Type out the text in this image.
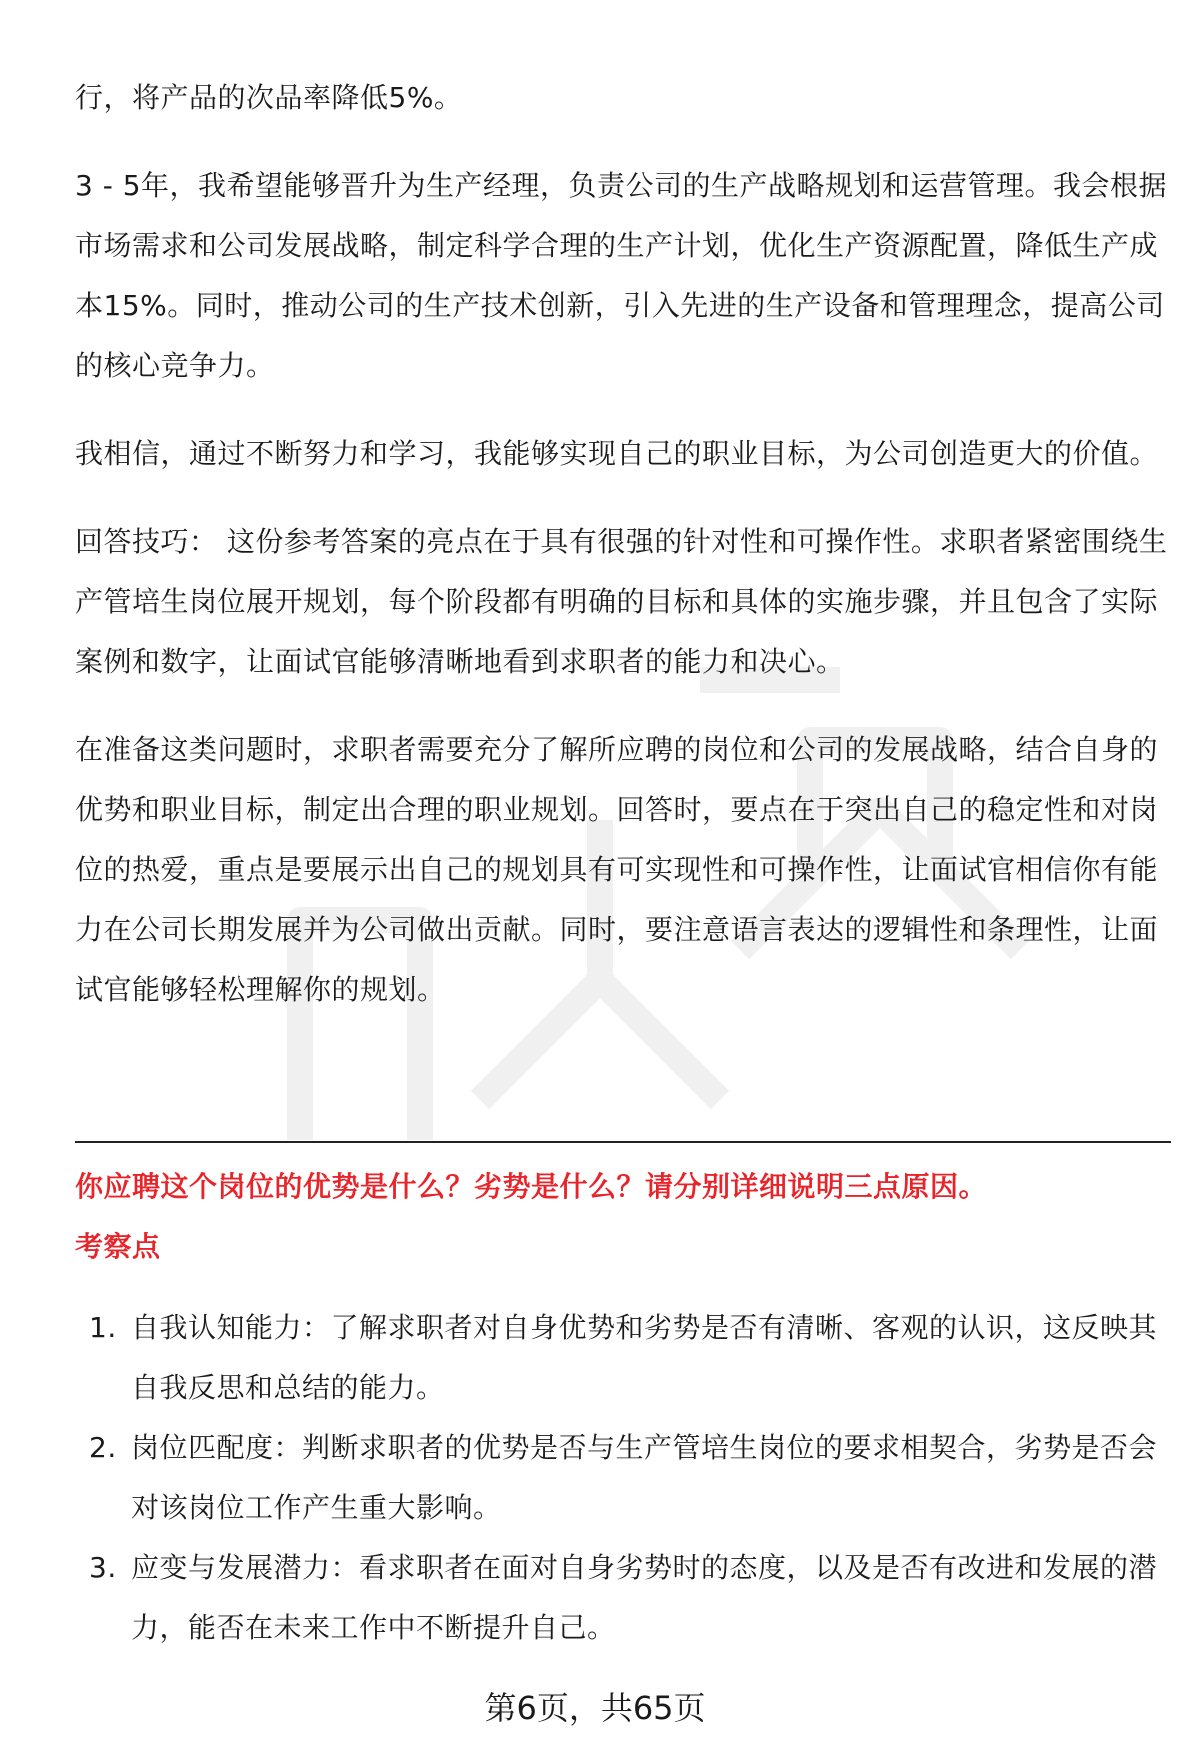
行，将产品的次品率降低5%。

3 - 5年，我希望能够晋升为生产经理，负责公司的生产战略规划和运营管理。我会根据市场需求和公司发展战略，制定科学合理的生产计划，优化生产资源配置，降低生产成本15%。同时，推动公司的生产技术创新，引入先进的生产设备和管理理念，提高公司的核心竞争力。

我相信，通过不断努力和学习，我能够实现自己的职业目标，为公司创造更大的价值。

回答技巧： 这份参考答案的亮点在于具有很强的针对性和可操作性。求职者紧密围绕生产管培生岗位展开规划，每个阶段都有明确的目标和具体的实施步骤，并且包含了实际案例和数字，让面试官能够清晰地看到求职者的能力和决心。

在准备这类问题时，求职者需要充分了解所应聘的岗位和公司的发展战略，结合自身的优势和职业目标，制定出合理的职业规划。回答时，要点在于突出自己的稳定性和对岗位的热爱，重点是要展示出自己的规划具有可实现性和可操作性，让面试官相信你有能力在公司长期发展并为公司做出贡献。同时，要注意语言表达的逻辑性和条理性，让面试官能够轻松理解你的规划。

你应聘这个岗位的优势是什么？劣势是什么？请分别详细说明三点原因。

考察点

1. 自我认知能力：了解求职者对自身优势和劣势是否有清晰、客观的认识，这反映其自我反思和总结的能力。
2. 岗位匹配度：判断求职者的优势是否与生产管培生岗位的要求相契合，劣势是否会对该岗位工作产生重大影响。
3. 应变与发展潜力：看求职者在面对自身劣势时的态度，以及是否有改进和发展的潜力，能否在未来工作中不断提升自己。
第6页，共65页
